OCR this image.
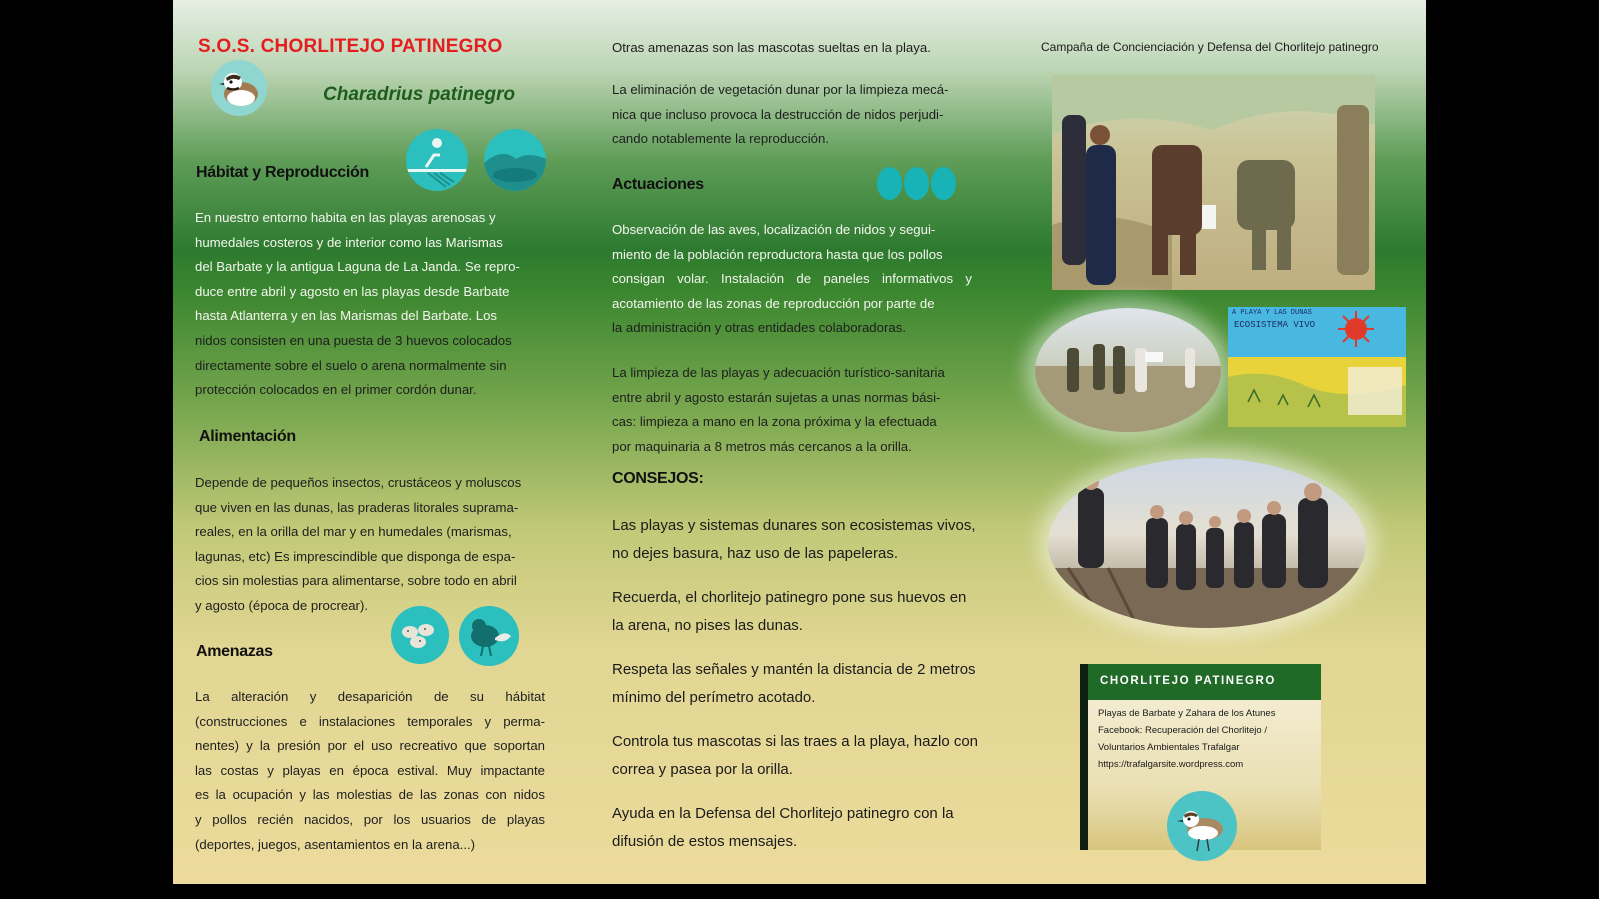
S.O.S. CHORLITEJO PATINEGRO
Charadrius patinegro
Hábitat y Reproducción

En nuestro entorno habita en las playas arenosas y

humedales costeros y de interior como las Marismas

del Barbate y la antigua Laguna de La Janda. Se repro-

duce entre abril y agosto en las playas desde Barbate

hasta Atlanterra y en las Marismas del Barbate. Los

nidos consisten en una puesta de 3 huevos colocados

directamente sobre el suelo o arena normalmente sin

protección colocados en el primer cordón dunar.

Alimentación

Depende de pequeños insectos, crustáceos y moluscos

que viven en las dunas, las praderas litorales suprama-

reales, en la orilla del mar y en humedales (marismas,

lagunas, etc) Es imprescindible que disponga de espa-

cios sin molestias para alimentarse, sobre todo en abril

y agosto (época de procrear).

Amenazas

La alteración y desaparición de su hábitat

(construcciones e instalaciones temporales y perma-

nentes) y la presión por el uso recreativo que soportan

las costas y playas en época estival. Muy impactante

es la ocupación y las molestias de las zonas con nidos

y pollos recién nacidos, por los usuarios de playas

(deportes, juegos, asentamientos en la arena...)

Otras amenazas son las mascotas sueltas en la playa.

La eliminación de vegetación dunar por la limpieza mecá-

nica que incluso provoca la destrucción de nidos perjudi-

cando notablemente la reproducción.

Actuaciones

Observación de las aves, localización de nidos y segui-

miento de la población reproductora hasta que los pollos

consigan volar. Instalación de paneles informativos y

acotamiento de las zonas de reproducción por parte de

la administración y otras entidades colaboradoras.

La limpieza de las playas y adecuación turístico-sanitaria

entre abril y agosto estarán sujetas a unas normas bási-

cas: limpieza a mano en la zona próxima y la efectuada

por maquinaria a 8 metros más cercanos a la orilla.

CONSEJOS:

Las playas y sistemas dunares son ecosistemas vivos,

no dejes basura, haz uso de las papeleras.

Recuerda, el chorlitejo patinegro pone sus huevos en

la arena, no pises las dunas.

Respeta las señales y mantén la distancia de 2 metros

mínimo del perímetro acotado.

Controla tus mascotas si las traes a la playa, hazlo con

correa y pasea por la orilla.

Ayuda en la Defensa del Chorlitejo patinegro con la

difusión de estos mensajes.

Campaña de Concienciación y Defensa del Chorlitejo patinegro
A PLAYA Y LAS DUNAS
ECOSISTEMA VIVO
CHORLITEJO PATINEGRO
Playas de Barbate y Zahara de los Atunes
Facebook: Recuperación del Chorlitejo /
Voluntarios Ambientales Trafalgar
https://trafalgarsite.wordpress.com
